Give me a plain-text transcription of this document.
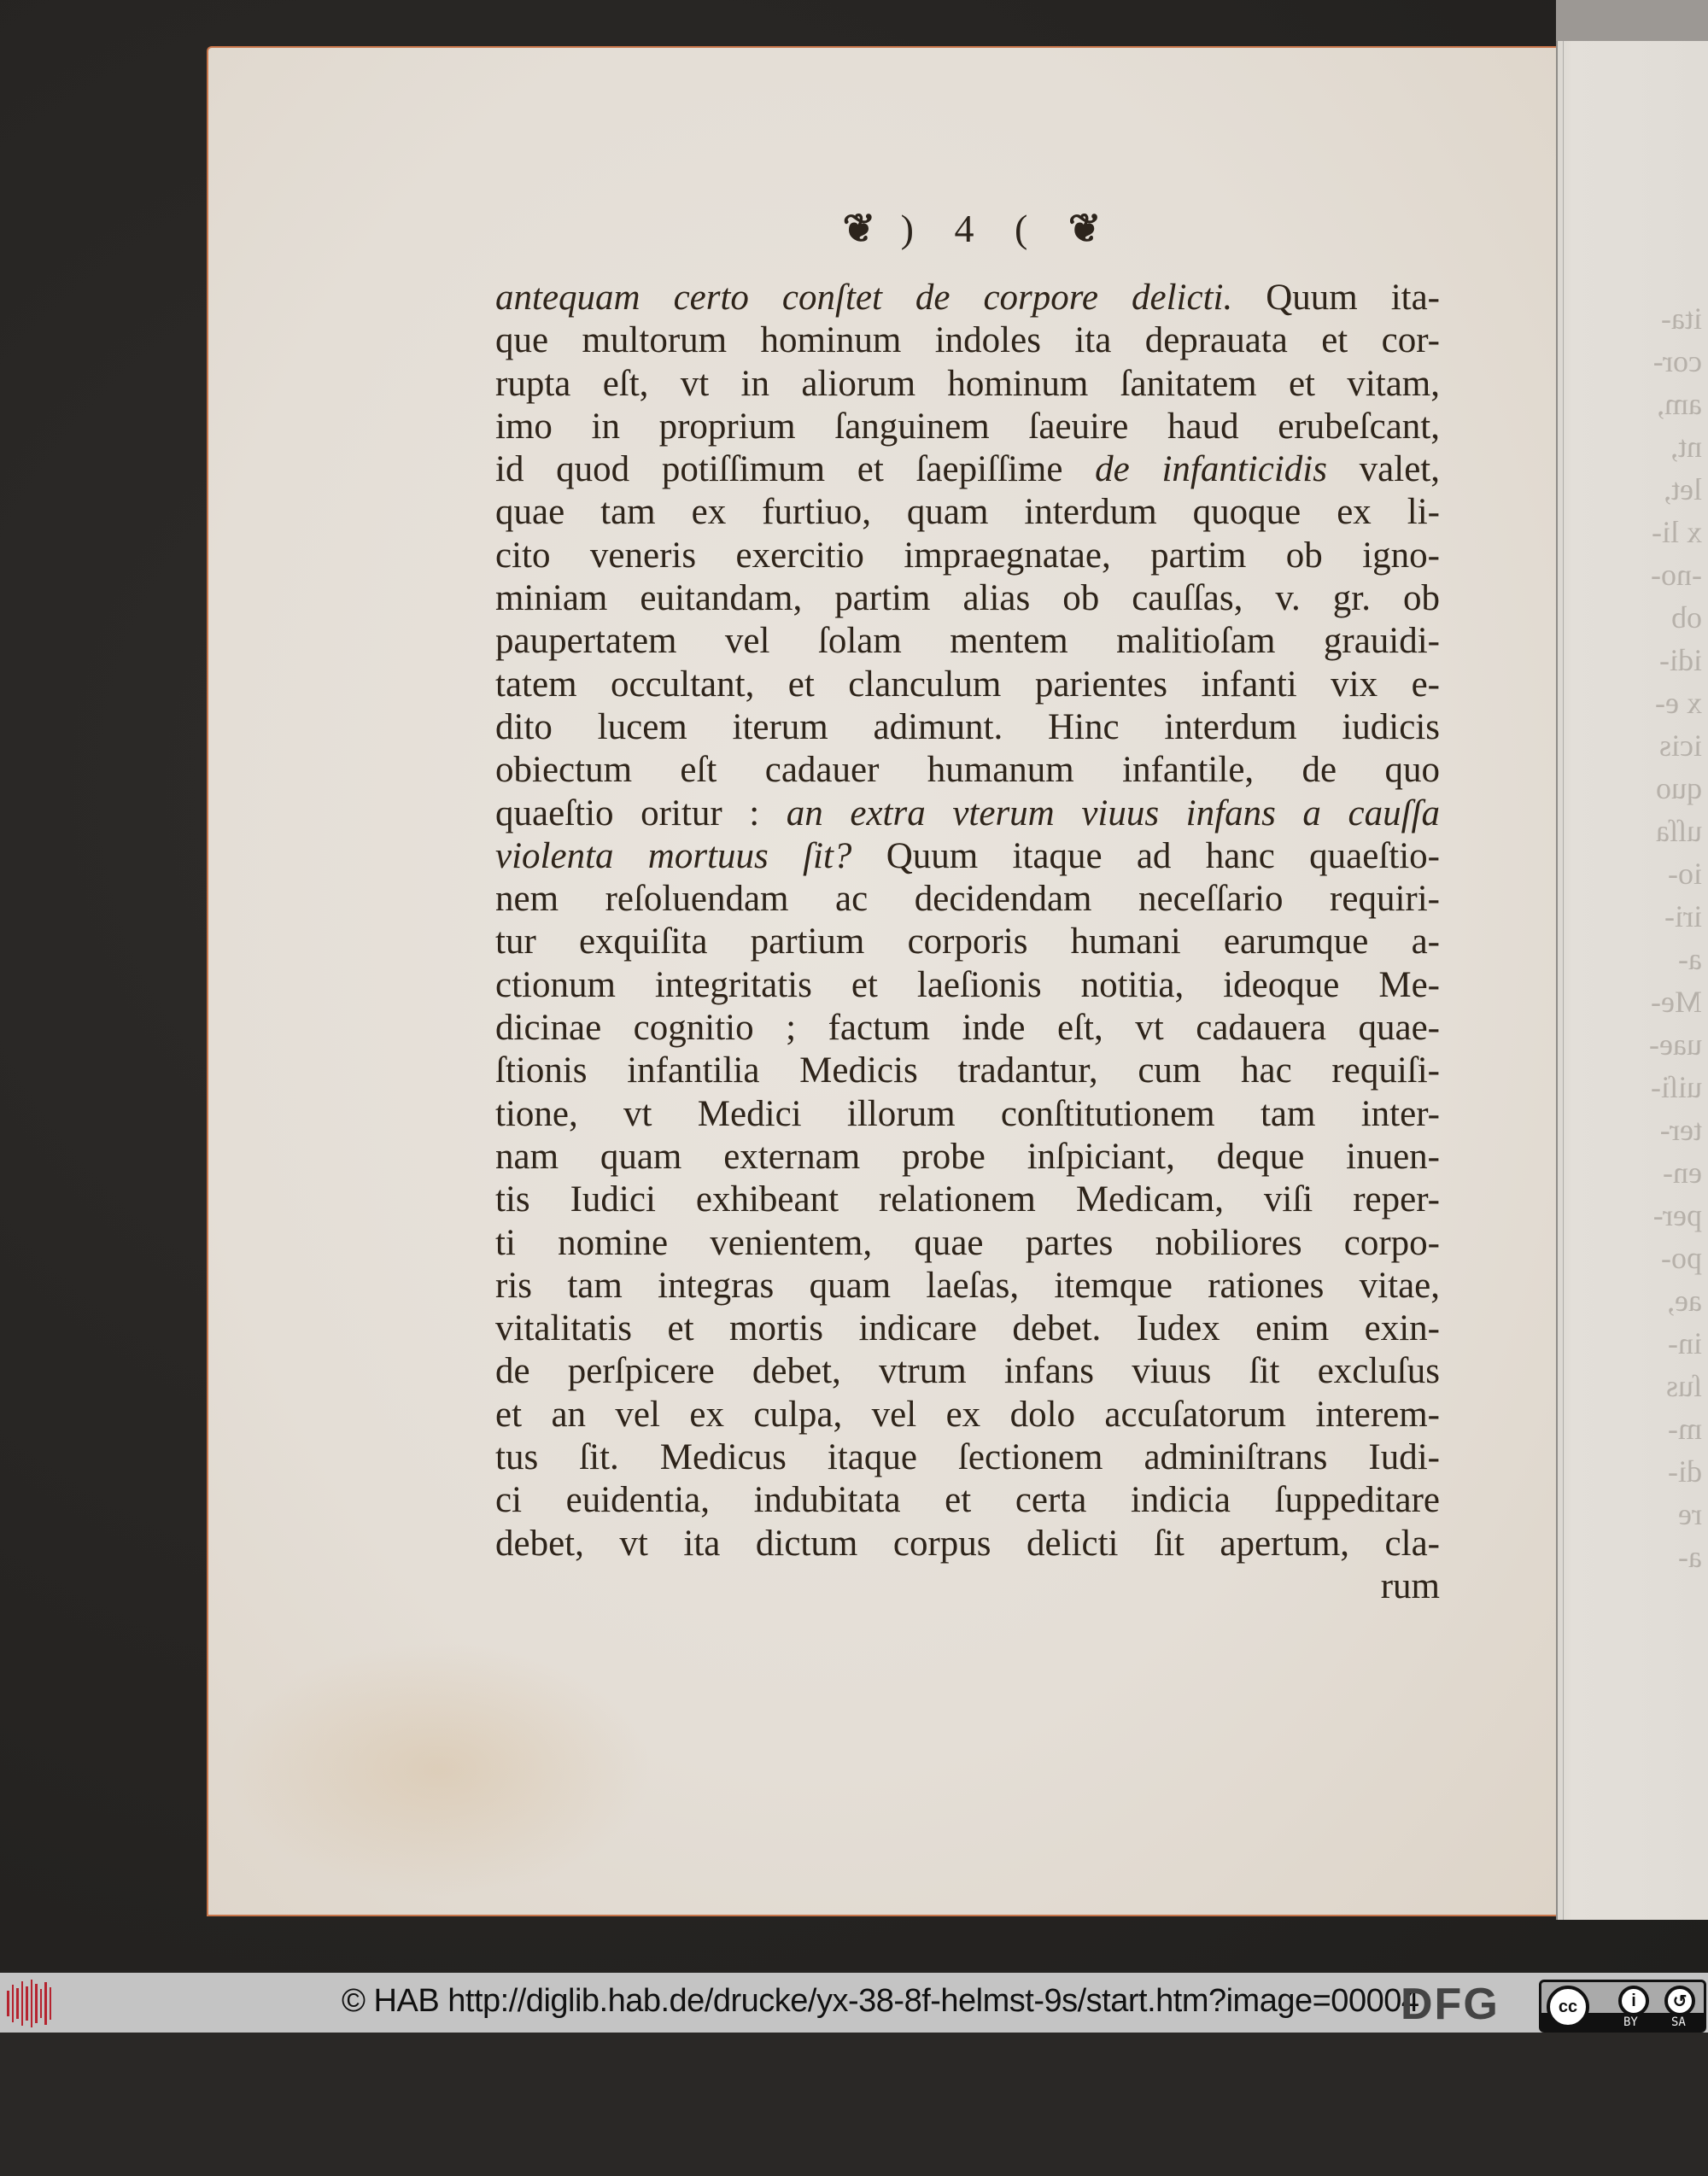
ita-
cor-
am,
nt,
let,
x li-
-no-
ob
idi-
x e-
icis
quo
uſſa
io-
iri-
a-
Me-
uae-
uiſi-
ter-
en-
per-
po-
ae,
in-
ſus
m-
di-
re
a-
❦ ) 4 ( ❦
antequam certo conſtet de corpore delicti. Quum ita-
que multorum hominum indoles ita deprauata et cor-
rupta eſt, vt in aliorum hominum ſanitatem et vitam,
imo in proprium ſanguinem ſaeuire haud erubeſcant,
id quod potiſſimum et ſaepiſſime de infanticidis valet,
quae tam ex furtiuo, quam interdum quoque ex li-
cito veneris exercitio impraegnatae, partim ob igno-
miniam euitandam, partim alias ob cauſſas, v. gr. ob
paupertatem vel ſolam mentem malitioſam grauidi-
tatem occultant, et clanculum parientes infanti vix e-
dito lucem iterum adimunt. Hinc interdum iudicis
obiectum eſt cadauer humanum infantile, de quo
quaeſtio oritur : an extra vterum viuus infans a cauſſa
violenta mortuus ſit? Quum itaque ad hanc quaeſtio-
nem reſoluendam ac decidendam neceſſario requiri-
tur exquiſita partium corporis humani earumque a-
ctionum integritatis et laeſionis notitia, ideoque Me-
dicinae cognitio ; factum inde eſt, vt cadauera quae-
ſtionis infantilia Medicis tradantur, cum hac requiſi-
tione, vt Medici illorum conſtitutionem tam inter-
nam quam externam probe inſpiciant, deque inuen-
tis Iudici exhibeant relationem Medicam, viſi reper-
ti nomine venientem, quae partes nobiliores corpo-
ris tam integras quam laeſas, itemque rationes vitae,
vitalitatis et mortis indicare debet. Iudex enim exin-
de perſpicere debet, vtrum infans viuus ſit excluſus
et an vel ex culpa, vel ex dolo accuſatorum interem-
tus ſit. Medicus itaque ſectionem adminiſtrans Iudi-
ci euidentia, indubitata et certa indicia ſuppeditare
debet, vt ita dictum corpus delicti ſit apertum, cla-
rum
© HAB http://diglib.hab.de/drucke/yx-38-8f-helmst-9s/start.htm?image=00004
DFG	cc	i	↺
BY	SA
